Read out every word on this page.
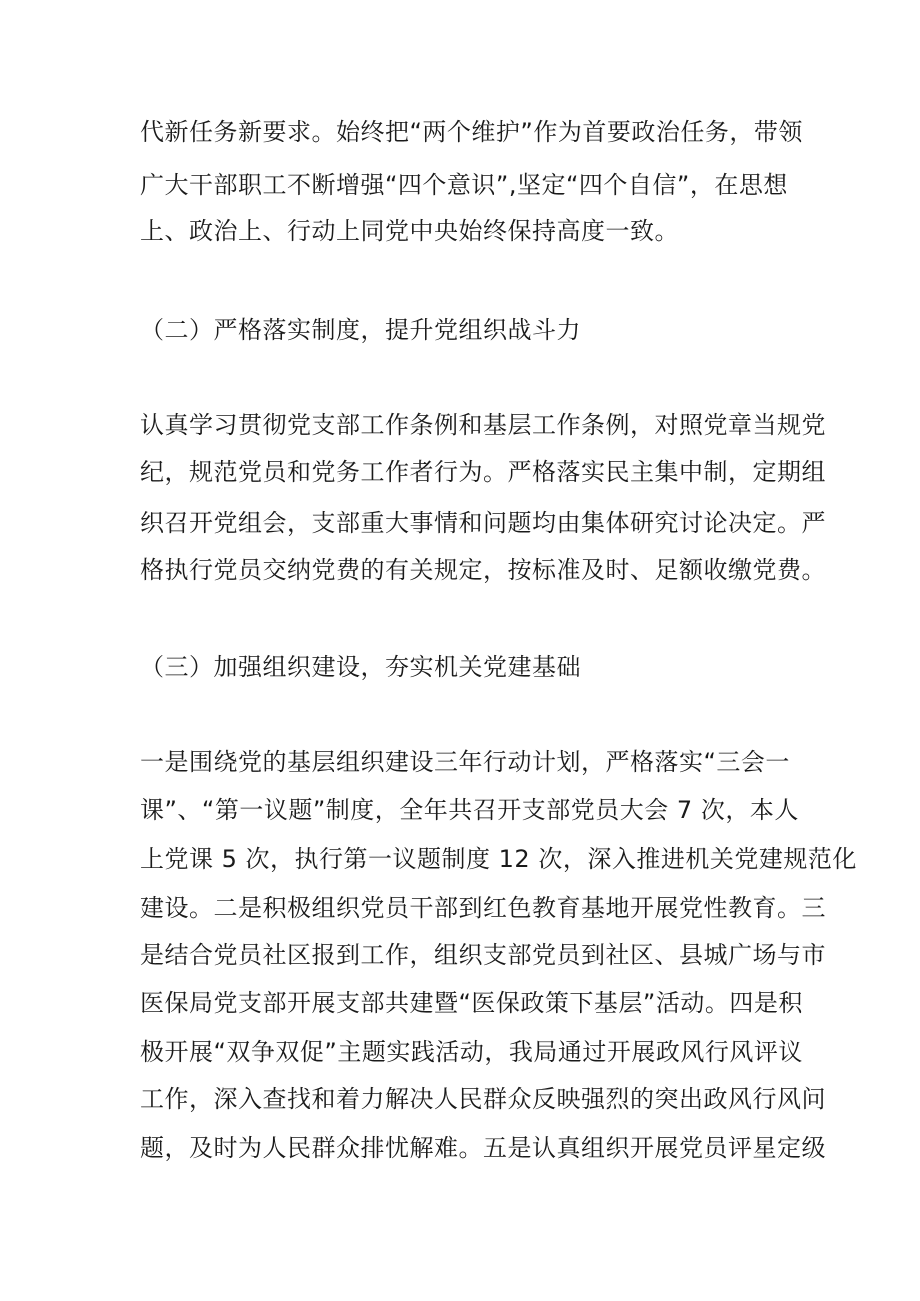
代新任务新要求。始终把“两个维护”作为首要政治任务，带领

广大干部职工不断增强“四个意识”,坚定“四个自信”，在思想

上、政治上、行动上同党中央始终保持高度一致。

（二）严格落实制度，提升党组织战斗力

认真学习贯彻党支部工作条例和基层工作条例，对照党章当规党

纪，规范党员和党务工作者行为。严格落实民主集中制，定期组

织召开党组会，支部重大事情和问题均由集体研究讨论决定。严

格执行党员交纳党费的有关规定，按标准及时、足额收缴党费。

（三）加强组织建设，夯实机关党建基础

一是围绕党的基层组织建设三年行动计划，严格落实“三会一

课”、“第一议题”制度，全年共召开支部党员大会 7 次，本人

上党课 5 次，执行第一议题制度 12 次，深入推进机关党建规范化

建设。二是积极组织党员干部到红色教育基地开展党性教育。三

是结合党员社区报到工作，组织支部党员到社区、县城广场与市

医保局党支部开展支部共建暨“医保政策下基层”活动。四是积

极开展“双争双促”主题实践活动，我局通过开展政风行风评议

工作，深入查找和着力解决人民群众反映强烈的突出政风行风问

题，及时为人民群众排忧解难。五是认真组织开展党员评星定级
